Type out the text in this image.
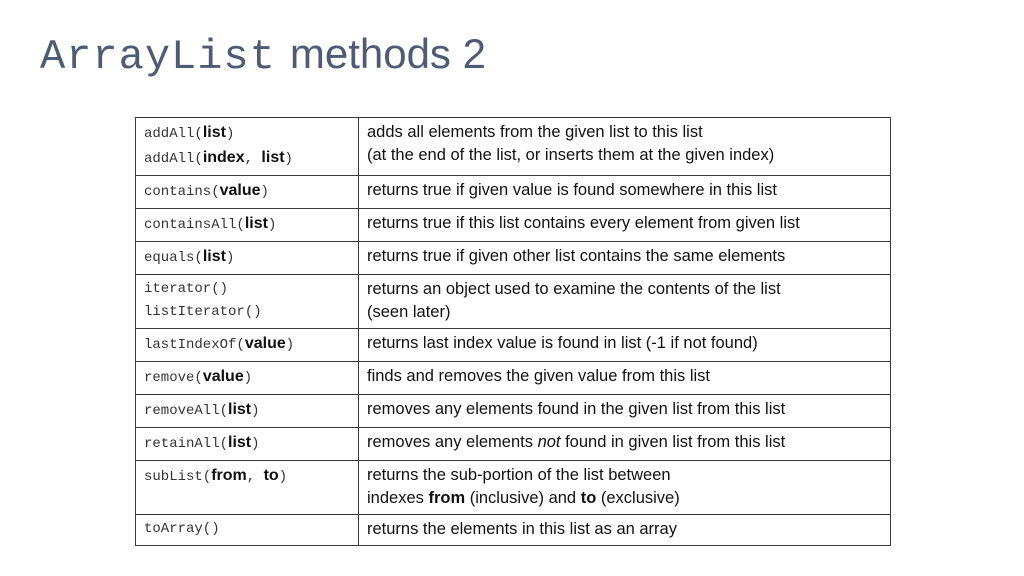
ArrayList methods 2
addAll(list)
addAll(index, list)	adds all elements from the given list to this list
(at the end of the list, or inserts them at the given index)

contains(value)	returns true if given value is found somewhere in this list

containsAll(list)	returns true if this list contains every element from given list

equals(list)	returns true if given other list contains the same elements

iterator()
listIterator()	returns an object used to examine the contents of the list
(seen later)

lastIndexOf(value)	returns last index value is found in list (-1 if not found)

remove(value)	finds and removes the given value from this list

removeAll(list)	removes any elements found in the given list from this list

retainAll(list)	removes any elements not found in given list from this list

subList(from, to)	returns the sub-portion of the list between
indexes from (inclusive) and to (exclusive)

toArray()	returns the elements in this list as an array
